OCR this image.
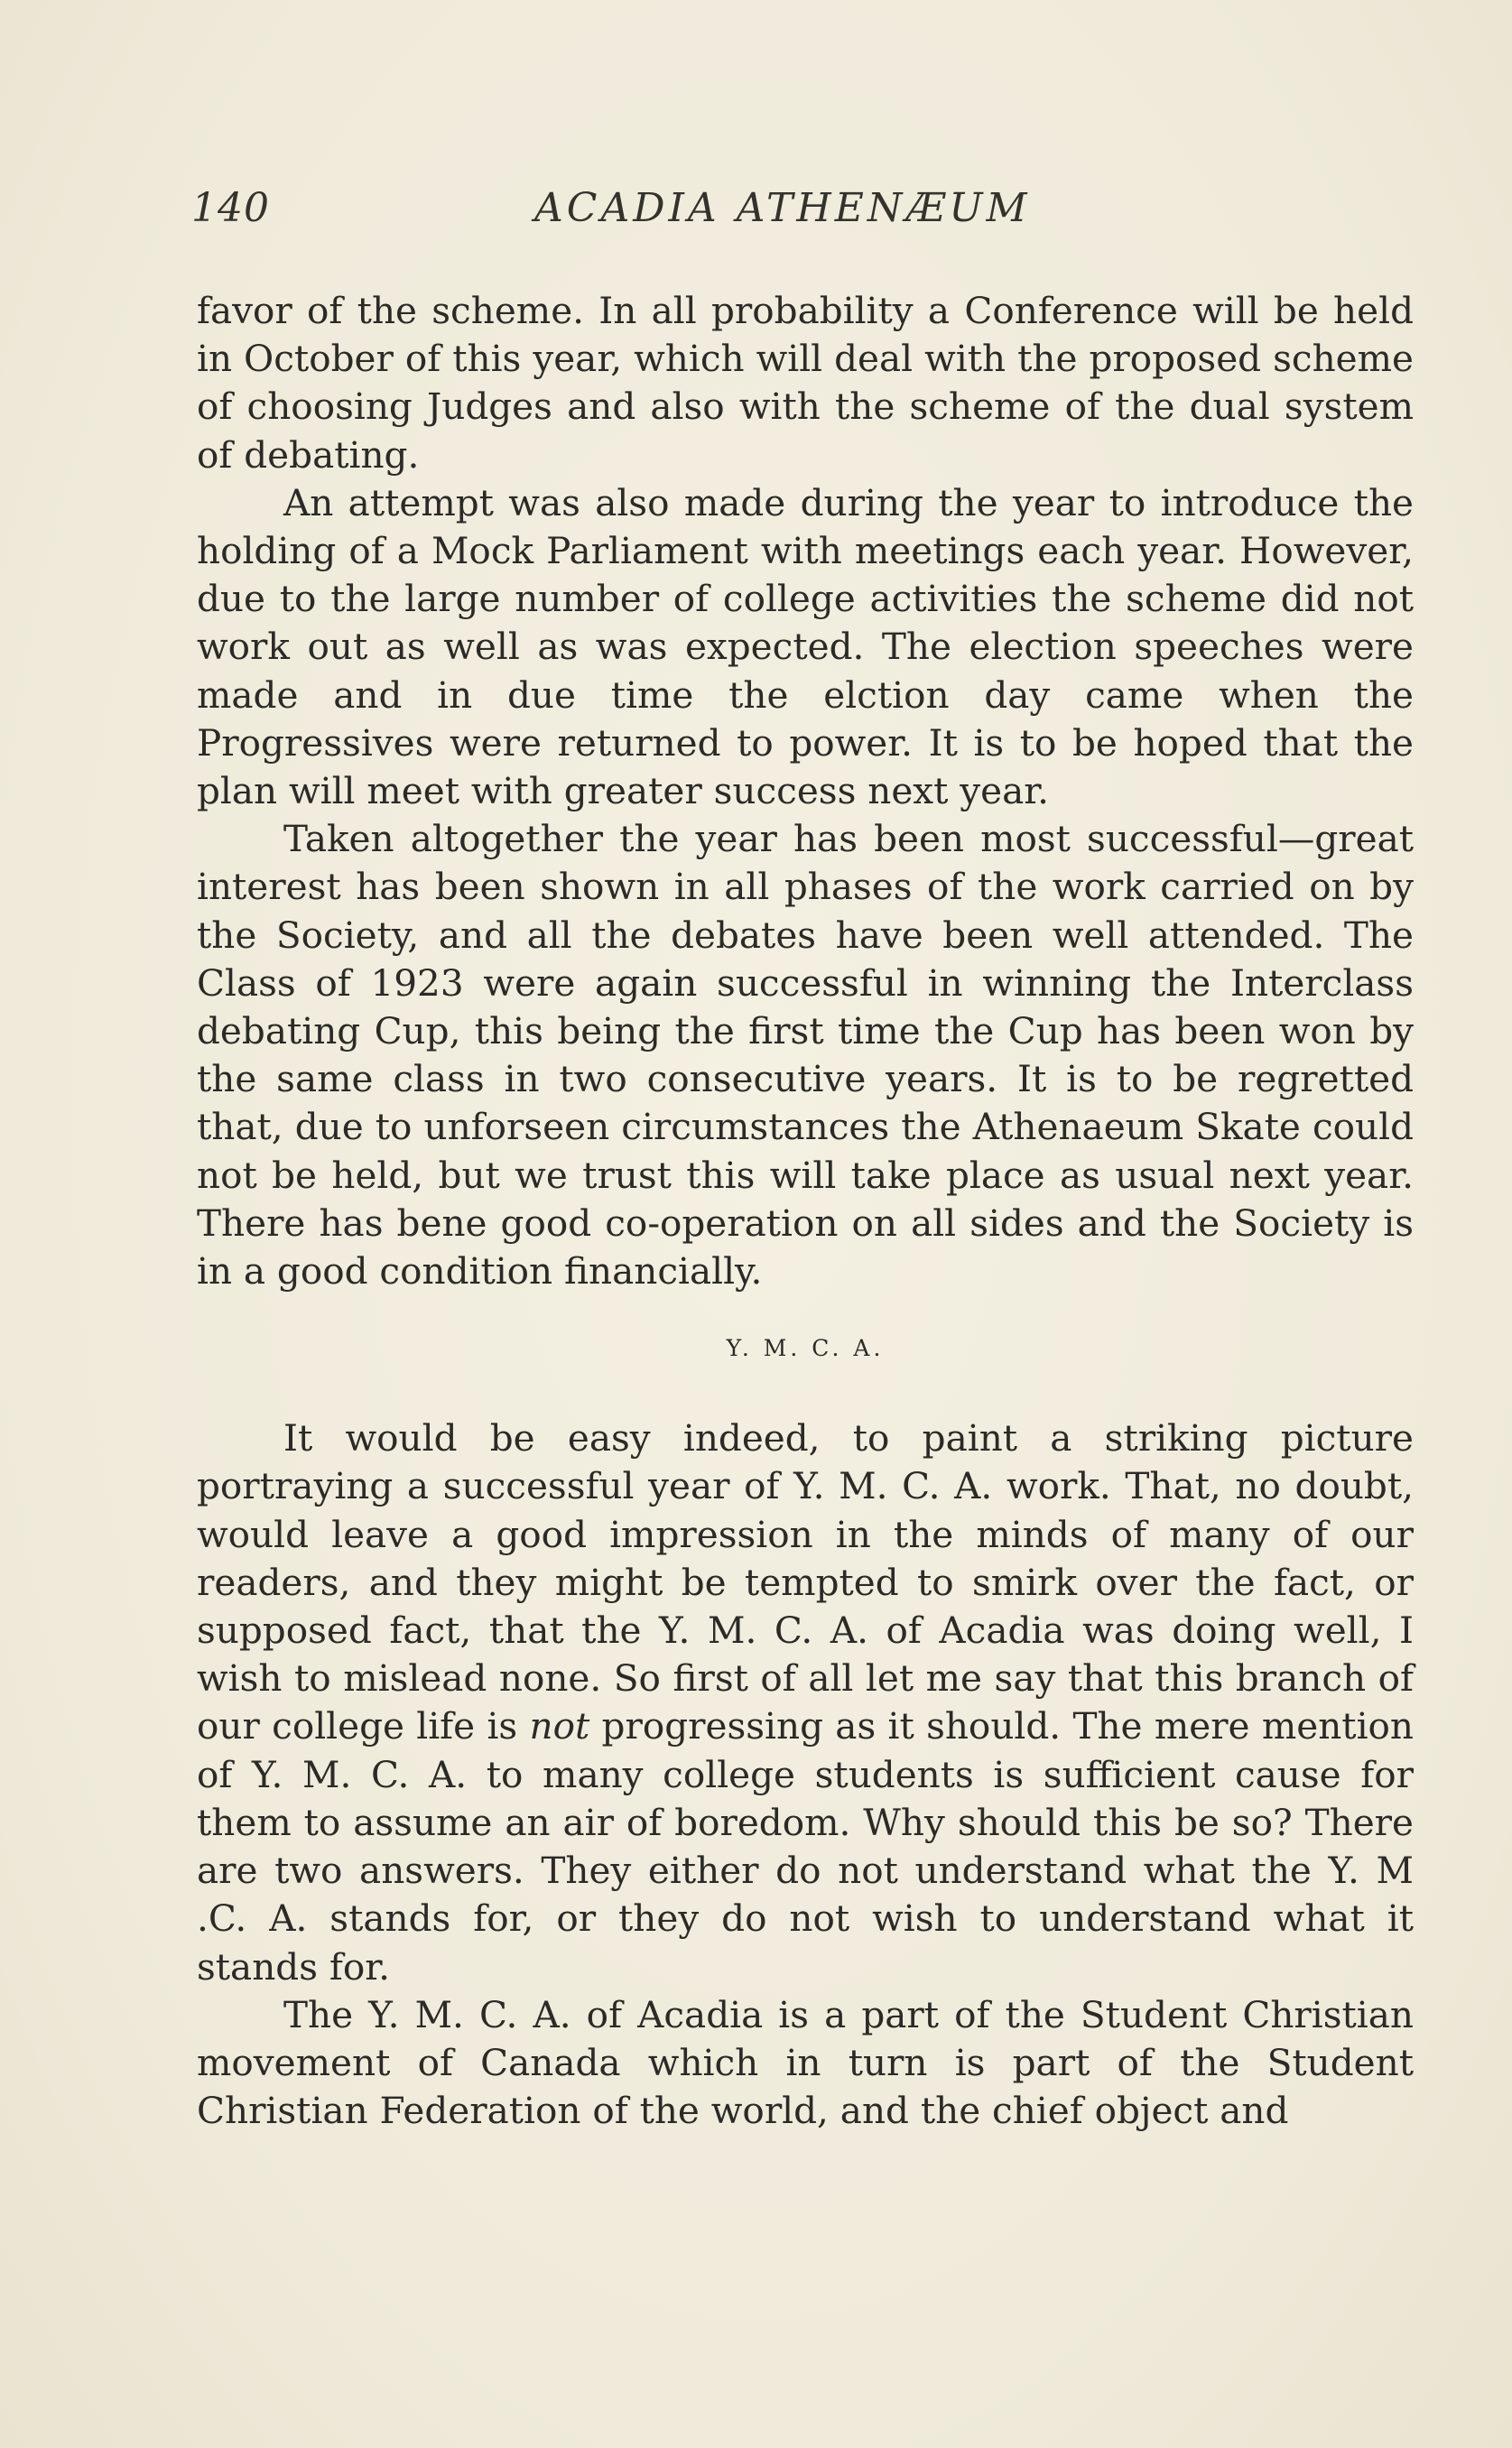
140	ACADIA ATHENÆUM

favor of the scheme. In all probability a Conference will be held in October of this year, which will deal with the proposed scheme of choosing Judges and also with the scheme of the dual system of debating.

An attempt was also made during the year to introduce the holding of a Mock Parliament with meetings each year. However, due to the large number of college activities the scheme did not work out as well as was expected. The election speeches were made and in due time the elction day came when the Progressives were returned to power. It is to be hoped that the plan will meet with greater success next year.

Taken altogether the year has been most successful—great interest has been shown in all phases of the work carried on by the Society, and all the debates have been well attended. The Class of 1923 were again successful in winning the Interclass debating Cup, this being the first time the Cup has been won by the same class in two consecutive years. It is to be regretted that, due to unforseen circumstances the Athenaeum Skate could not be held, but we trust this will take place as usual next year. There has bene good co-operation on all sides and the Society is in a good condition financially.

Y. M. C. A.

It would be easy indeed, to paint a striking picture portraying a successful year of Y. M. C. A. work. That, no doubt, would leave a good impression in the minds of many of our readers, and they might be tempted to smirk over the fact, or supposed fact, that the Y. M. C. A. of Acadia was doing well, I wish to mislead none. So first of all let me say that this branch of our college life is not progressing as it should. The mere mention of Y. M. C. A. to many college students is sufficient cause for them to assume an air of boredom. Why should this be so? There are two answers. They either do not understand what the Y. M .C. A. stands for, or they do not wish to understand what it stands for.

The Y. M. C. A. of Acadia is a part of the Student Christian movement of Canada which in turn is part of the Student Christian Federation of the world, and the chief object and
